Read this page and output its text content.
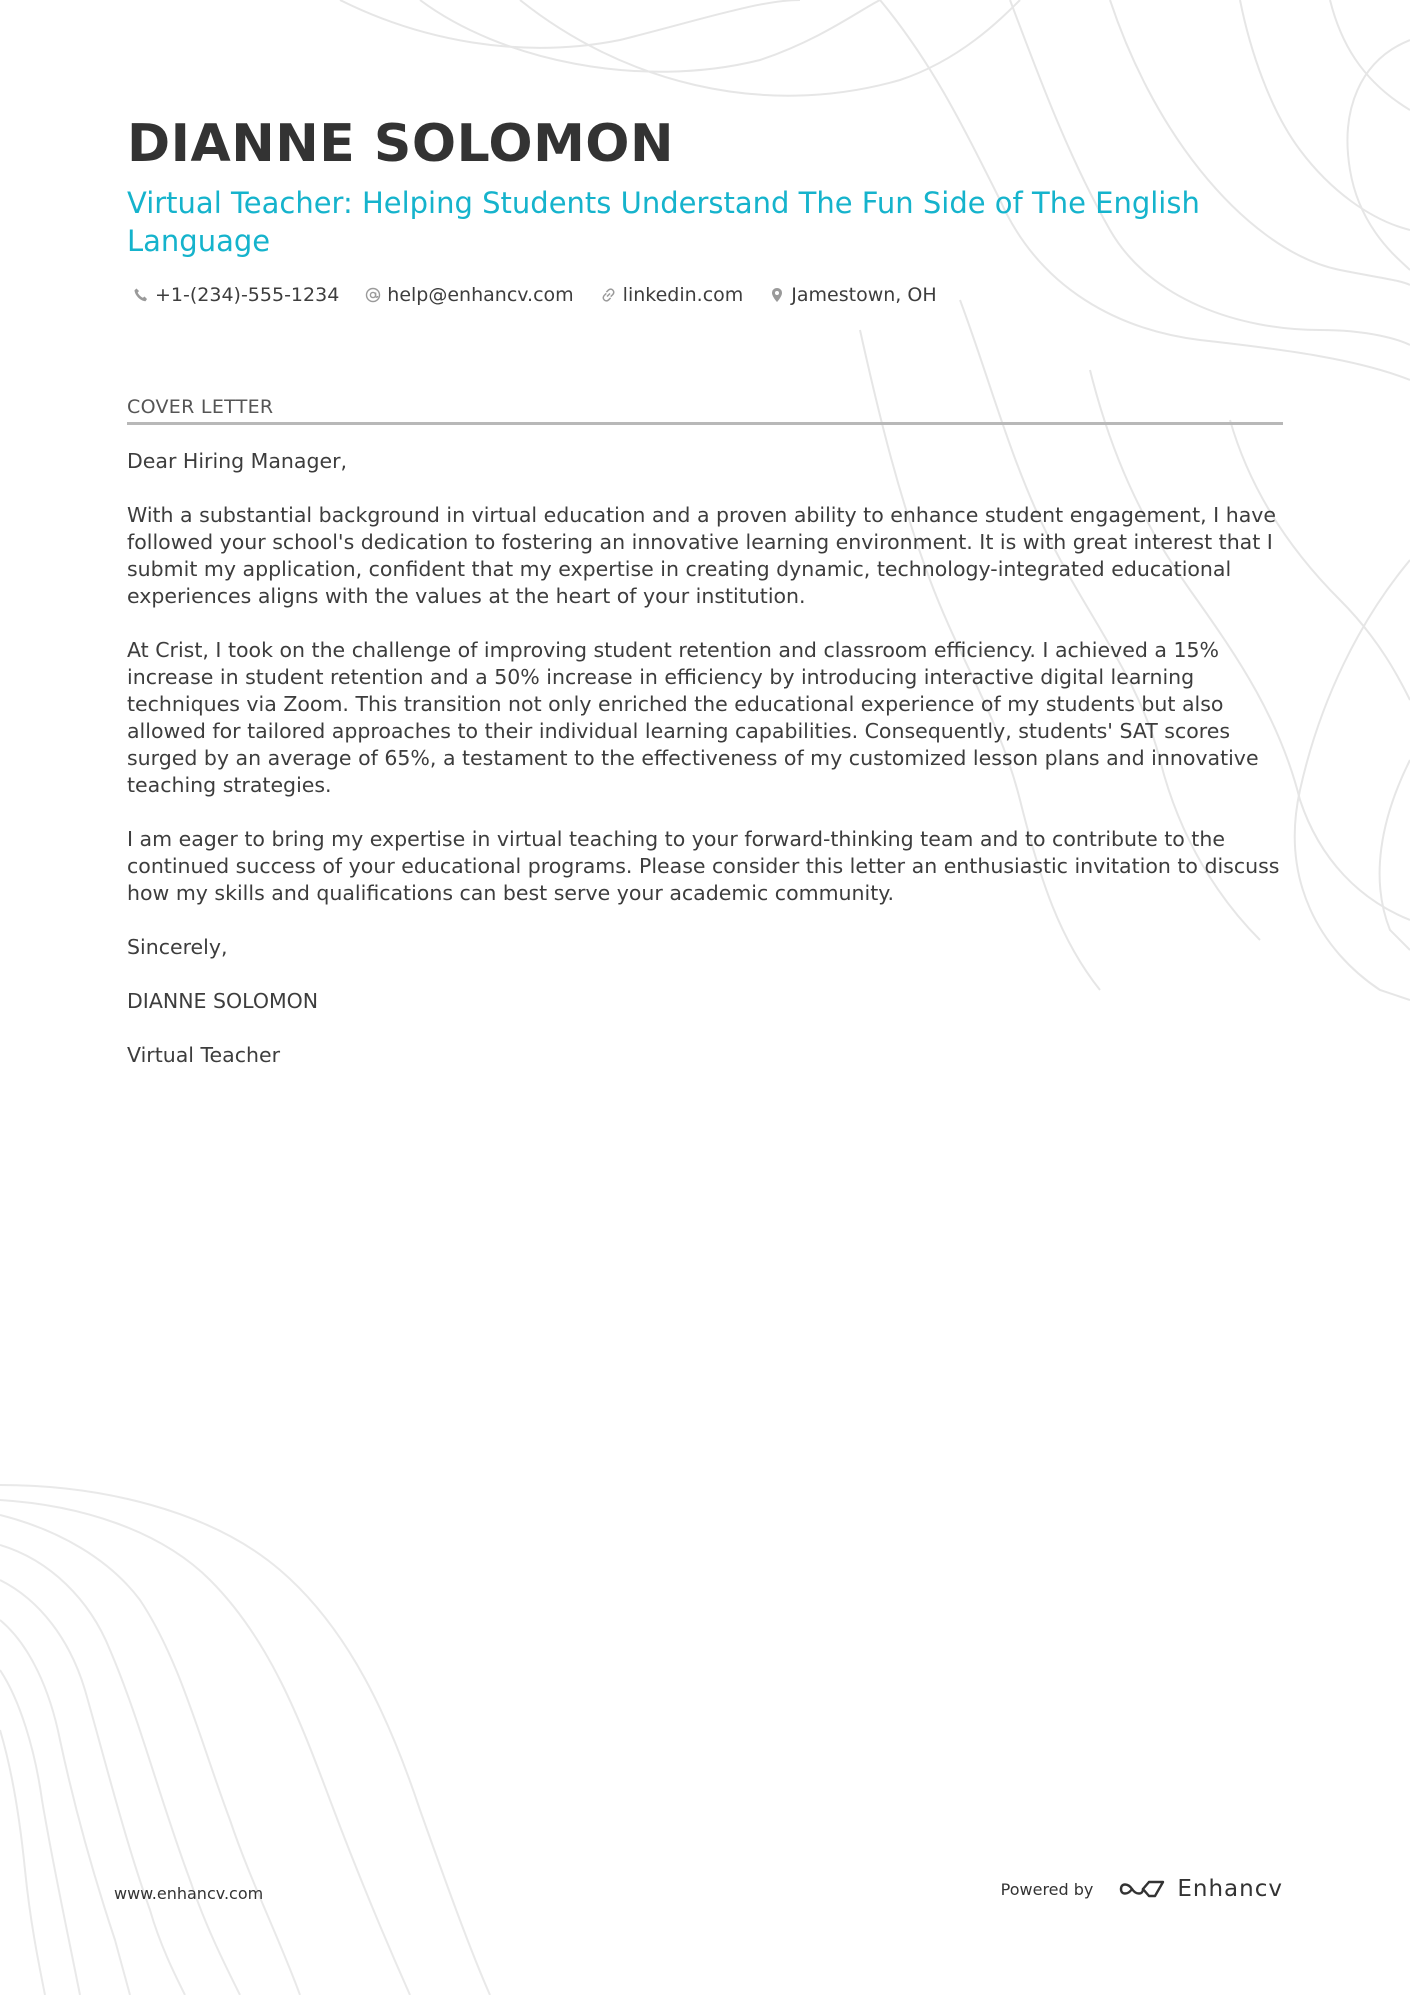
DIANNE SOLOMON
Virtual Teacher: Helping Students Understand The Fun Side of The English Language
+1-(234)-555-1234	help@enhancv.com	linkedin.com	Jamestown, OH
COVER LETTER

Dear Hiring Manager,

With a substantial background in virtual education and a proven ability to enhance student engagement, I have followed your school's dedication to fostering an innovative learning environment. It is with great interest that I submit my application, confident that my expertise in creating dynamic, technology-integrated educational experiences aligns with the values at the heart of your institution.

At Crist, I took on the challenge of improving student retention and classroom efficiency. I achieved a 15% increase in student retention and a 50% increase in efficiency by introducing interactive digital learning techniques via Zoom. This transition not only enriched the educational experience of my students but also allowed for tailored approaches to their individual learning capabilities. Consequently, students' SAT scores surged by an average of 65%, a testament to the effectiveness of my customized lesson plans and innovative teaching strategies.

I am eager to bring my expertise in virtual teaching to your forward-thinking team and to contribute to the continued success of your educational programs. Please consider this letter an enthusiastic invitation to discuss how my skills and qualifications can best serve your academic community.

Sincerely,

DIANNE SOLOMON

Virtual Teacher

www.enhancv.com	Powered by	Enhancv
